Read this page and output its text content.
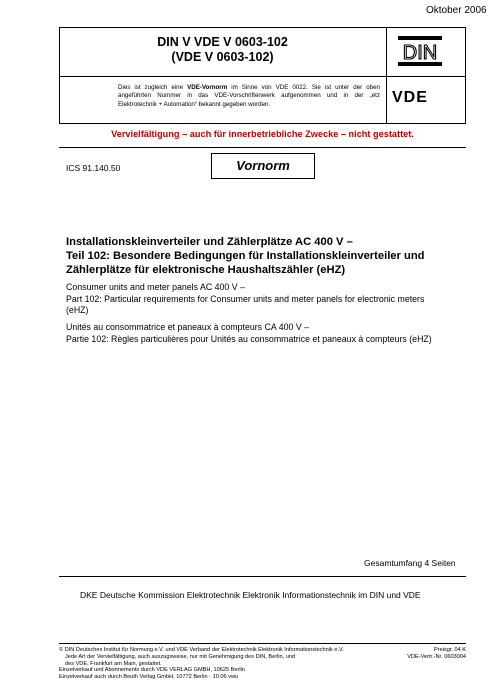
Oktober 2006
DIN V VDE V 0603-102
(VDE V 0603-102)
Dies ist zugleich eine VDE-Vornorm im Sinne von VDE 0022. Sie ist unter der oben angeführten Nummer in das VDE-Vorschriftenwerk aufgenommen und in der „etz Elektrotechnik + Automation“ bekannt gegeben worden.
DIN
VDE
Vervielfältigung – auch für innerbetriebliche Zwecke – nicht gestattet.
ICS 91.140.50	Vornorm
Installationskleinverteiler und Zählerplätze AC 400 V –
Teil 102: Besondere Bedingungen für Installationskleinverteiler und
Zählerplätze für elektronische Haushaltszähler (eHZ)
Consumer units and meter panels AC 400 V –
Part 102: Particular requirements for Consumer units and meter panels for electronic meters
(eHZ)
Unités au consommatrice et paneaux à compteurs CA 400 V –
Partie 102: Règles particulières pour Unités au consommatrice et paneaux à compteurs (eHZ)
Gesamtumfang 4 Seiten
DKE Deutsche Kommission Elektrotechnik Elektronik Informationstechnik im DIN und VDE
© DIN Deutsches Institut für Normung e.V. und VDE Verband der Elektrotechnik Elektronik Informationstechnik e.V.
Jede Art der Vervielfältigung, auch auszugsweise, nur mit Genehmigung des DIN, Berlin, und
des VDE, Frankfurt am Main, gestattet.
Einzelverkauf und Abonnements durch VDE VERLAG GMBH, 10625 Berlin
Einzelverkauf auch durch Beuth Verlag GmbH, 10772 Berlin · 10.06 vwu
Preisgr. 04 K
VDE-Vertr.-Nr. 0603004
